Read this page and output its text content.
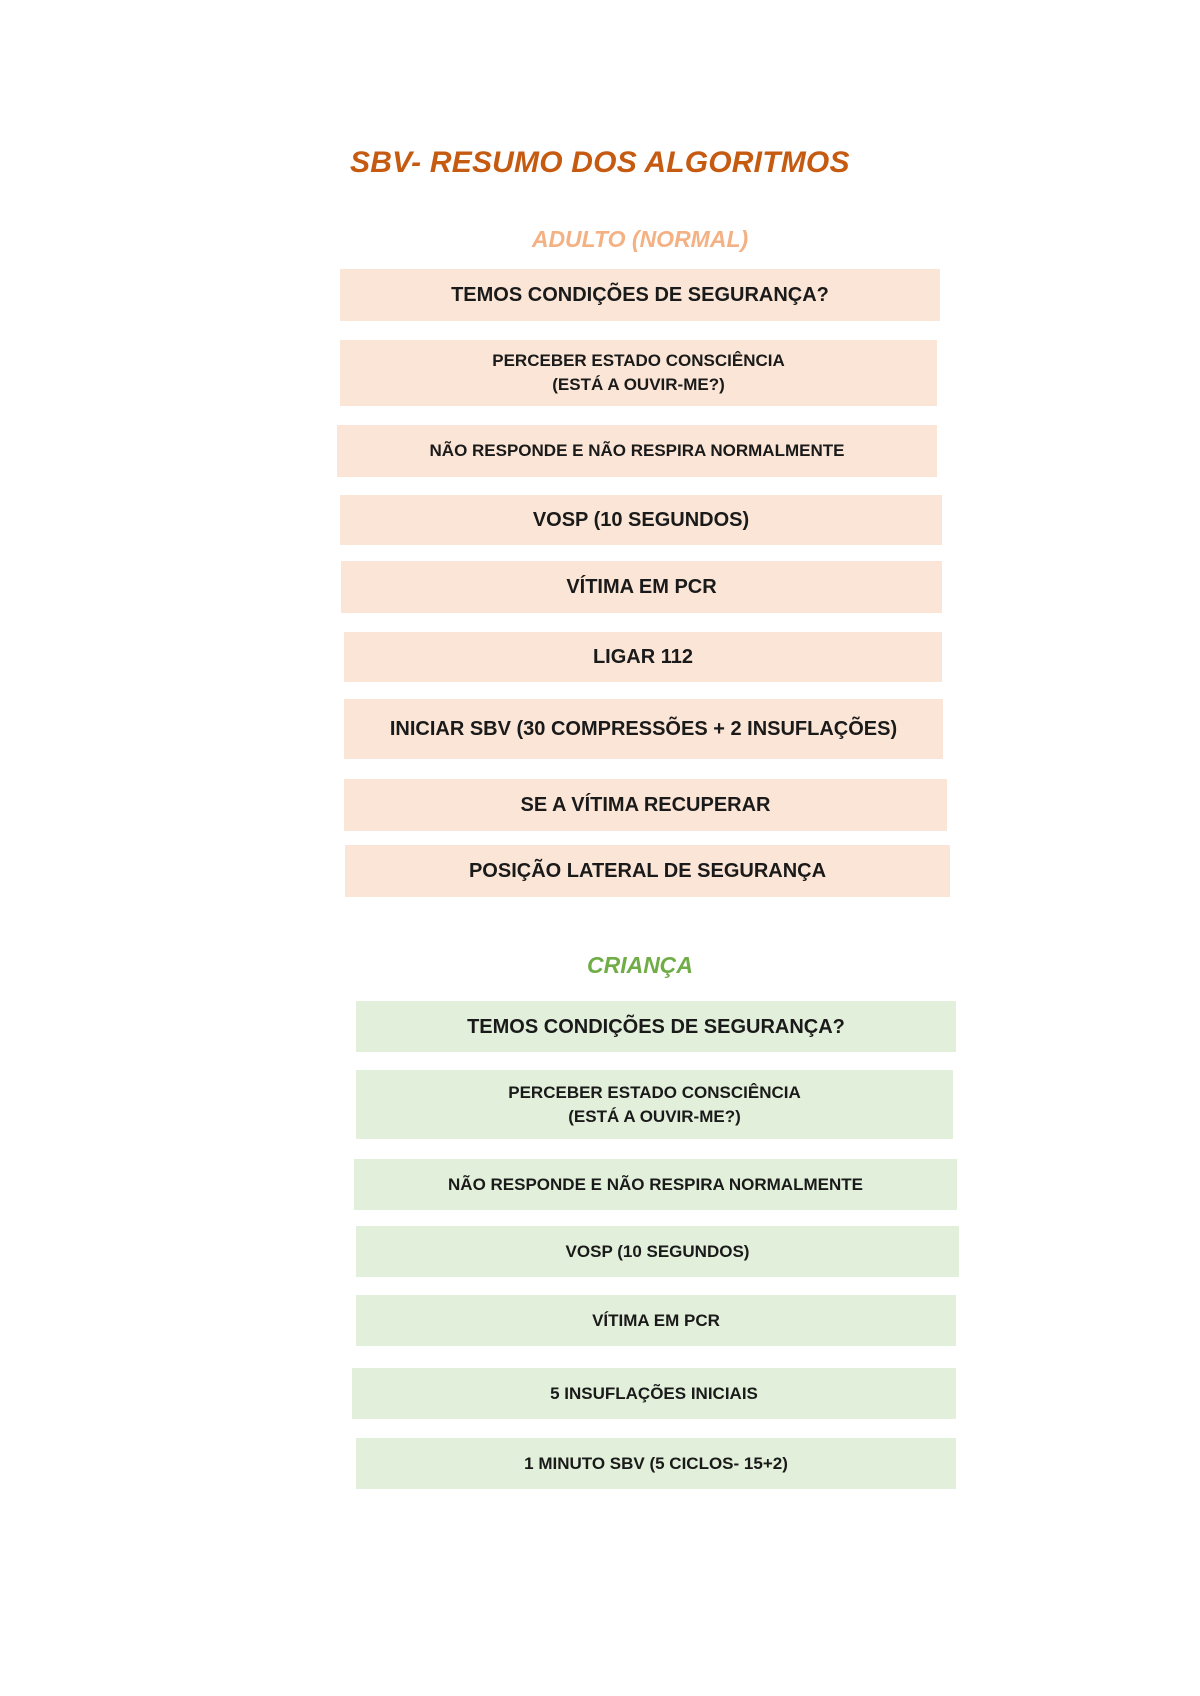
SBV- RESUMO DOS ALGORITMOS
ADULTO (NORMAL)
TEMOS CONDIÇÕES DE SEGURANÇA?
PERCEBER ESTADO CONSCIÊNCIA
(ESTÁ A OUVIR-ME?)
NÃO RESPONDE E NÃO RESPIRA NORMALMENTE
VOSP (10 SEGUNDOS)
VÍTIMA EM PCR
LIGAR 112
INICIAR SBV (30 COMPRESSÕES + 2 INSUFLAÇÕES)
SE A VÍTIMA RECUPERAR
POSIÇÃO LATERAL DE SEGURANÇA
CRIANÇA
TEMOS CONDIÇÕES DE SEGURANÇA?
PERCEBER ESTADO CONSCIÊNCIA
(ESTÁ A OUVIR-ME?)
NÃO RESPONDE E NÃO RESPIRA NORMALMENTE
VOSP (10 SEGUNDOS)
VÍTIMA EM PCR
5 INSUFLAÇÕES INICIAIS
1 MINUTO SBV (5 CICLOS- 15+2)
